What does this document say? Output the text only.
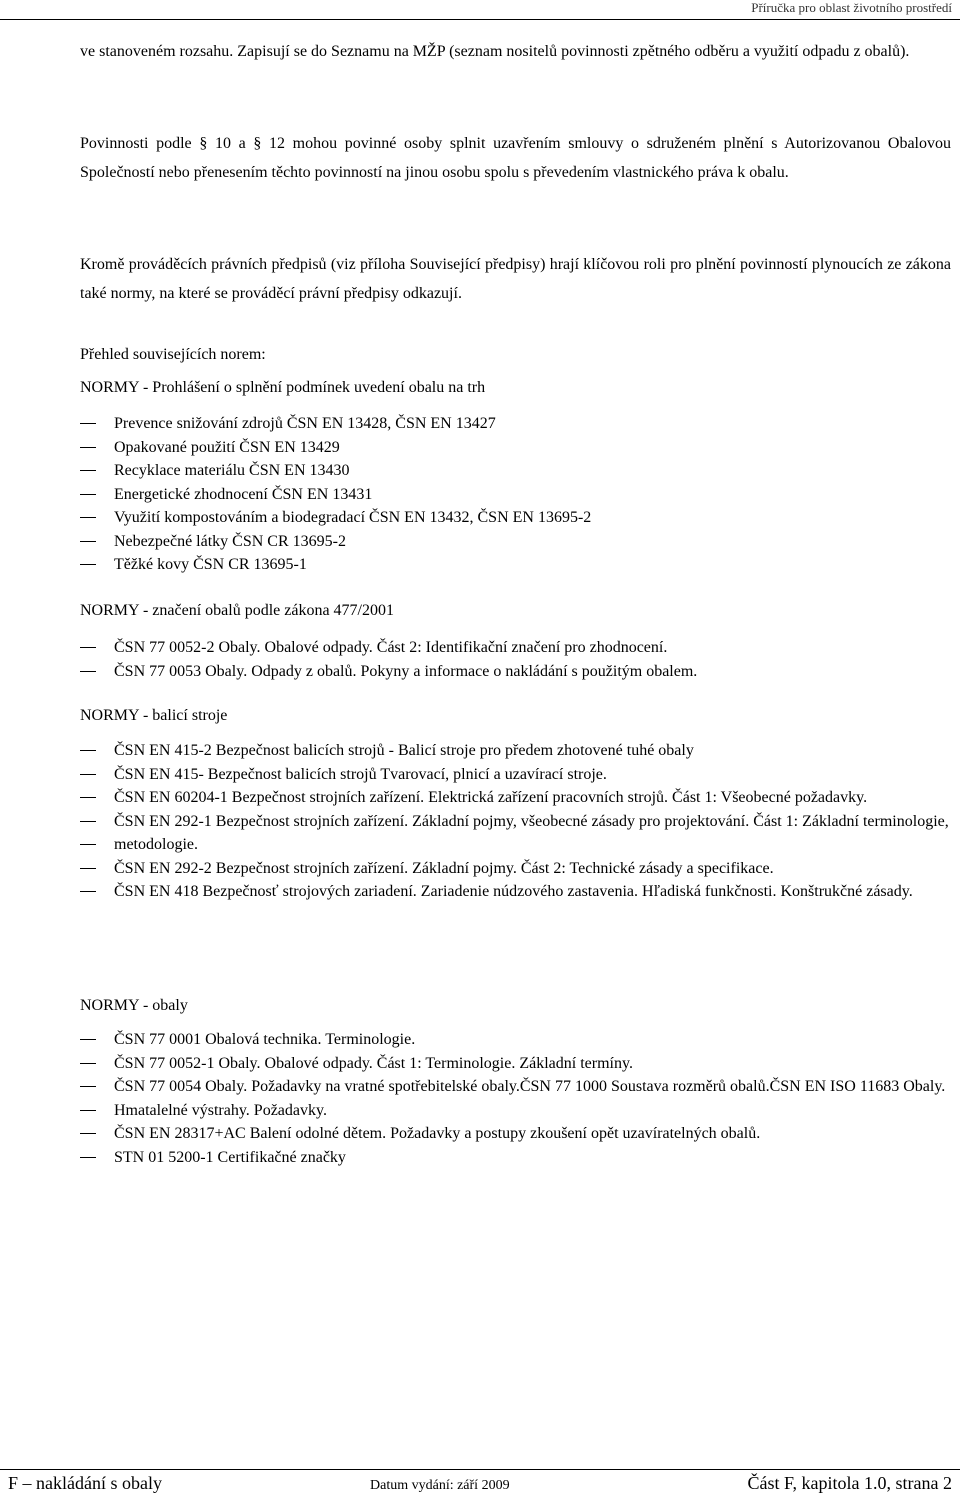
Příručka pro oblast životního prostředí
ve stanoveném rozsahu. Zapisují se do Seznamu na MŽP (seznam nositelů povinnosti zpětného odběru a využití odpadu z obalů).
Povinnosti podle § 10 a § 12 mohou povinné osoby splnit uzavřením smlouvy o sdruženém plnění s Autorizovanou Obalovou Společností nebo přenesením těchto povinností na jinou osobu spolu s převedením vlastnického práva k obalu.
Kromě prováděcích právních předpisů (viz příloha Související předpisy) hrají klíčovou roli pro plnění povinností plynoucích ze zákona také normy, na které se prováděcí právní předpisy odkazují.
Přehled souvisejících norem:
NORMY - Prohlášení o splnění podmínek uvedení obalu na trh
Prevence snižování zdrojů ČSN EN 13428, ČSN EN 13427
Opakované použití ČSN EN 13429
Recyklace materiálu ČSN EN 13430
Energetické zhodnocení ČSN EN 13431
Využití kompostováním a biodegradací ČSN EN 13432, ČSN EN 13695-2
Nebezpečné látky ČSN CR 13695-2
Těžké kovy ČSN CR 13695-1
NORMY - značení obalů podle zákona 477/2001
ČSN 77 0052-2 Obaly. Obalové odpady. Část 2: Identifikační značení pro zhodnocení.
ČSN 77 0053 Obaly. Odpady z obalů. Pokyny a informace o nakládání s použitým obalem.
NORMY - balicí stroje
ČSN EN 415-2 Bezpečnost balicích strojů - Balicí stroje pro předem zhotovené tuhé obaly
ČSN EN 415- Bezpečnost balicích strojů Tvarovací, plnicí a uzavírací stroje.
ČSN EN 60204-1 Bezpečnost strojních zařízení. Elektrická zařízení pracovních strojů. Část 1: Všeobecné požadavky.
ČSN EN 292-1 Bezpečnost strojních zařízení. Základní pojmy, všeobecné zásady pro projektování. Část 1: Základní terminologie,
metodologie.
ČSN EN 292-2 Bezpečnost strojních zařízení. Základní pojmy. Část 2: Technické zásady a specifikace.
ČSN EN 418 Bezpečnosť strojových zariadení. Zariadenie núdzového zastavenia. Hľadiská funkčnosti. Konštrukčné zásady.
NORMY - obaly
ČSN 77 0001 Obalová technika. Terminologie.
ČSN 77 0052-1 Obaly. Obalové odpady. Část 1: Terminologie. Základní termíny.
ČSN 77 0054 Obaly. Požadavky na vratné spotřebitelské obaly.ČSN 77 1000 Soustava rozměrů obalů.ČSN EN ISO 11683 Obaly.
Hmatalelné výstrahy. Požadavky.
ČSN EN 28317+AC Balení odolné dětem. Požadavky a postupy zkoušení opět uzavíratelných obalů.
STN 01 5200-1 Certifikačné značky
F – nakládání s obaly	Datum vydání: září 2009	Část F, kapitola 1.0, strana 2
